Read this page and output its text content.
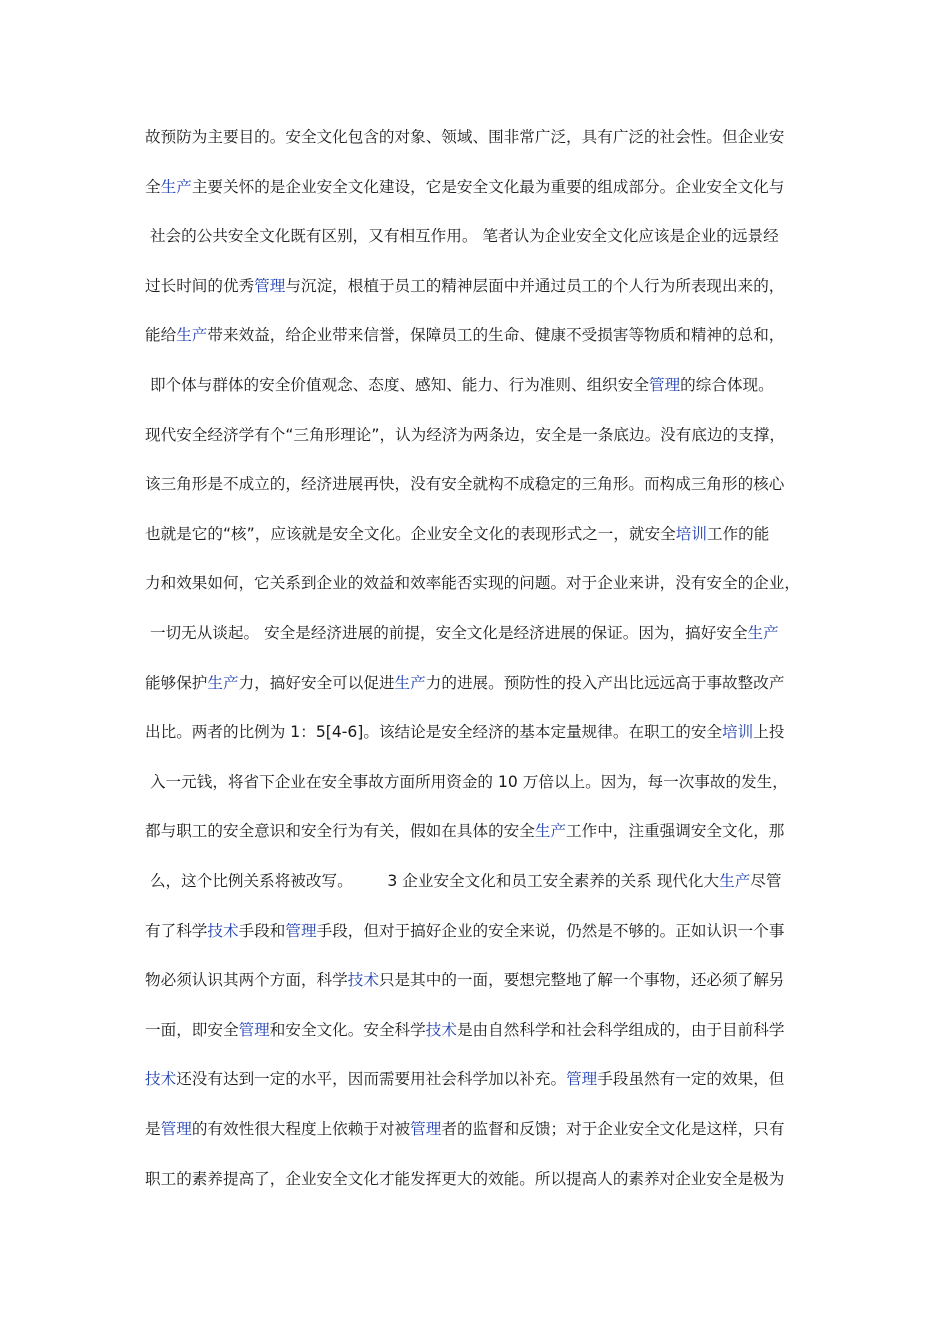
故预防为主要目的。安全文化包含的对象、领域、围非常广泛，具有广泛的社会性。但企业安
全生产主要关怀的是企业安全文化建设，它是安全文化最为重要的组成部分。企业安全文化与
社会的公共安全文化既有区别，又有相互作用。 笔者认为企业安全文化应该是企业的远景经
过长时间的优秀管理与沉淀，根植于员工的精神层面中并通过员工的个人行为所表现出来的，
能给生产带来效益，给企业带来信誉，保障员工的生命、健康不受损害等物质和精神的总和，
即个体与群体的安全价值观念、态度、感知、能力、行为准则、组织安全管理的综合体现。
现代安全经济学有个“三角形理论”，认为经济为两条边，安全是一条底边。没有底边的支撑，
该三角形是不成立的，经济进展再快，没有安全就构不成稳定的三角形。而构成三角形的核心
也就是它的“核”，应该就是安全文化。企业安全文化的表现形式之一，就安全培训工作的能
力和效果如何，它关系到企业的效益和效率能否实现的问题。对于企业来讲，没有安全的企业，
一切无从谈起。 安全是经济进展的前提，安全文化是经济进展的保证。因为，搞好安全生产
能够保护生产力，搞好安全可以促进生产力的进展。预防性的投入产出比远远高于事故整改产
出比。两者的比例为 1：5[4-6]。该结论是安全经济的基本定量规律。在职工的安全培训上投
入一元钱，将省下企业在安全事故方面所用资金的 10 万倍以上。因为，每一次事故的发生，
都与职工的安全意识和安全行为有关，假如在具体的安全生产工作中，注重强调安全文化，那
么，这个比例关系将被改写。       3 企业安全文化和员工安全素养的关系 现代化大生产尽管
有了科学技术手段和管理手段，但对于搞好企业的安全来说，仍然是不够的。正如认识一个事
物必须认识其两个方面，科学技术只是其中的一面，要想完整地了解一个事物，还必须了解另
一面，即安全管理和安全文化。安全科学技术是由自然科学和社会科学组成的，由于目前科学
技术还没有达到一定的水平，因而需要用社会科学加以补充。管理手段虽然有一定的效果，但
是管理的有效性很大程度上依赖于对被管理者的监督和反馈；对于企业安全文化是这样，只有
职工的素养提高了，企业安全文化才能发挥更大的效能。所以提高人的素养对企业安全是极为
